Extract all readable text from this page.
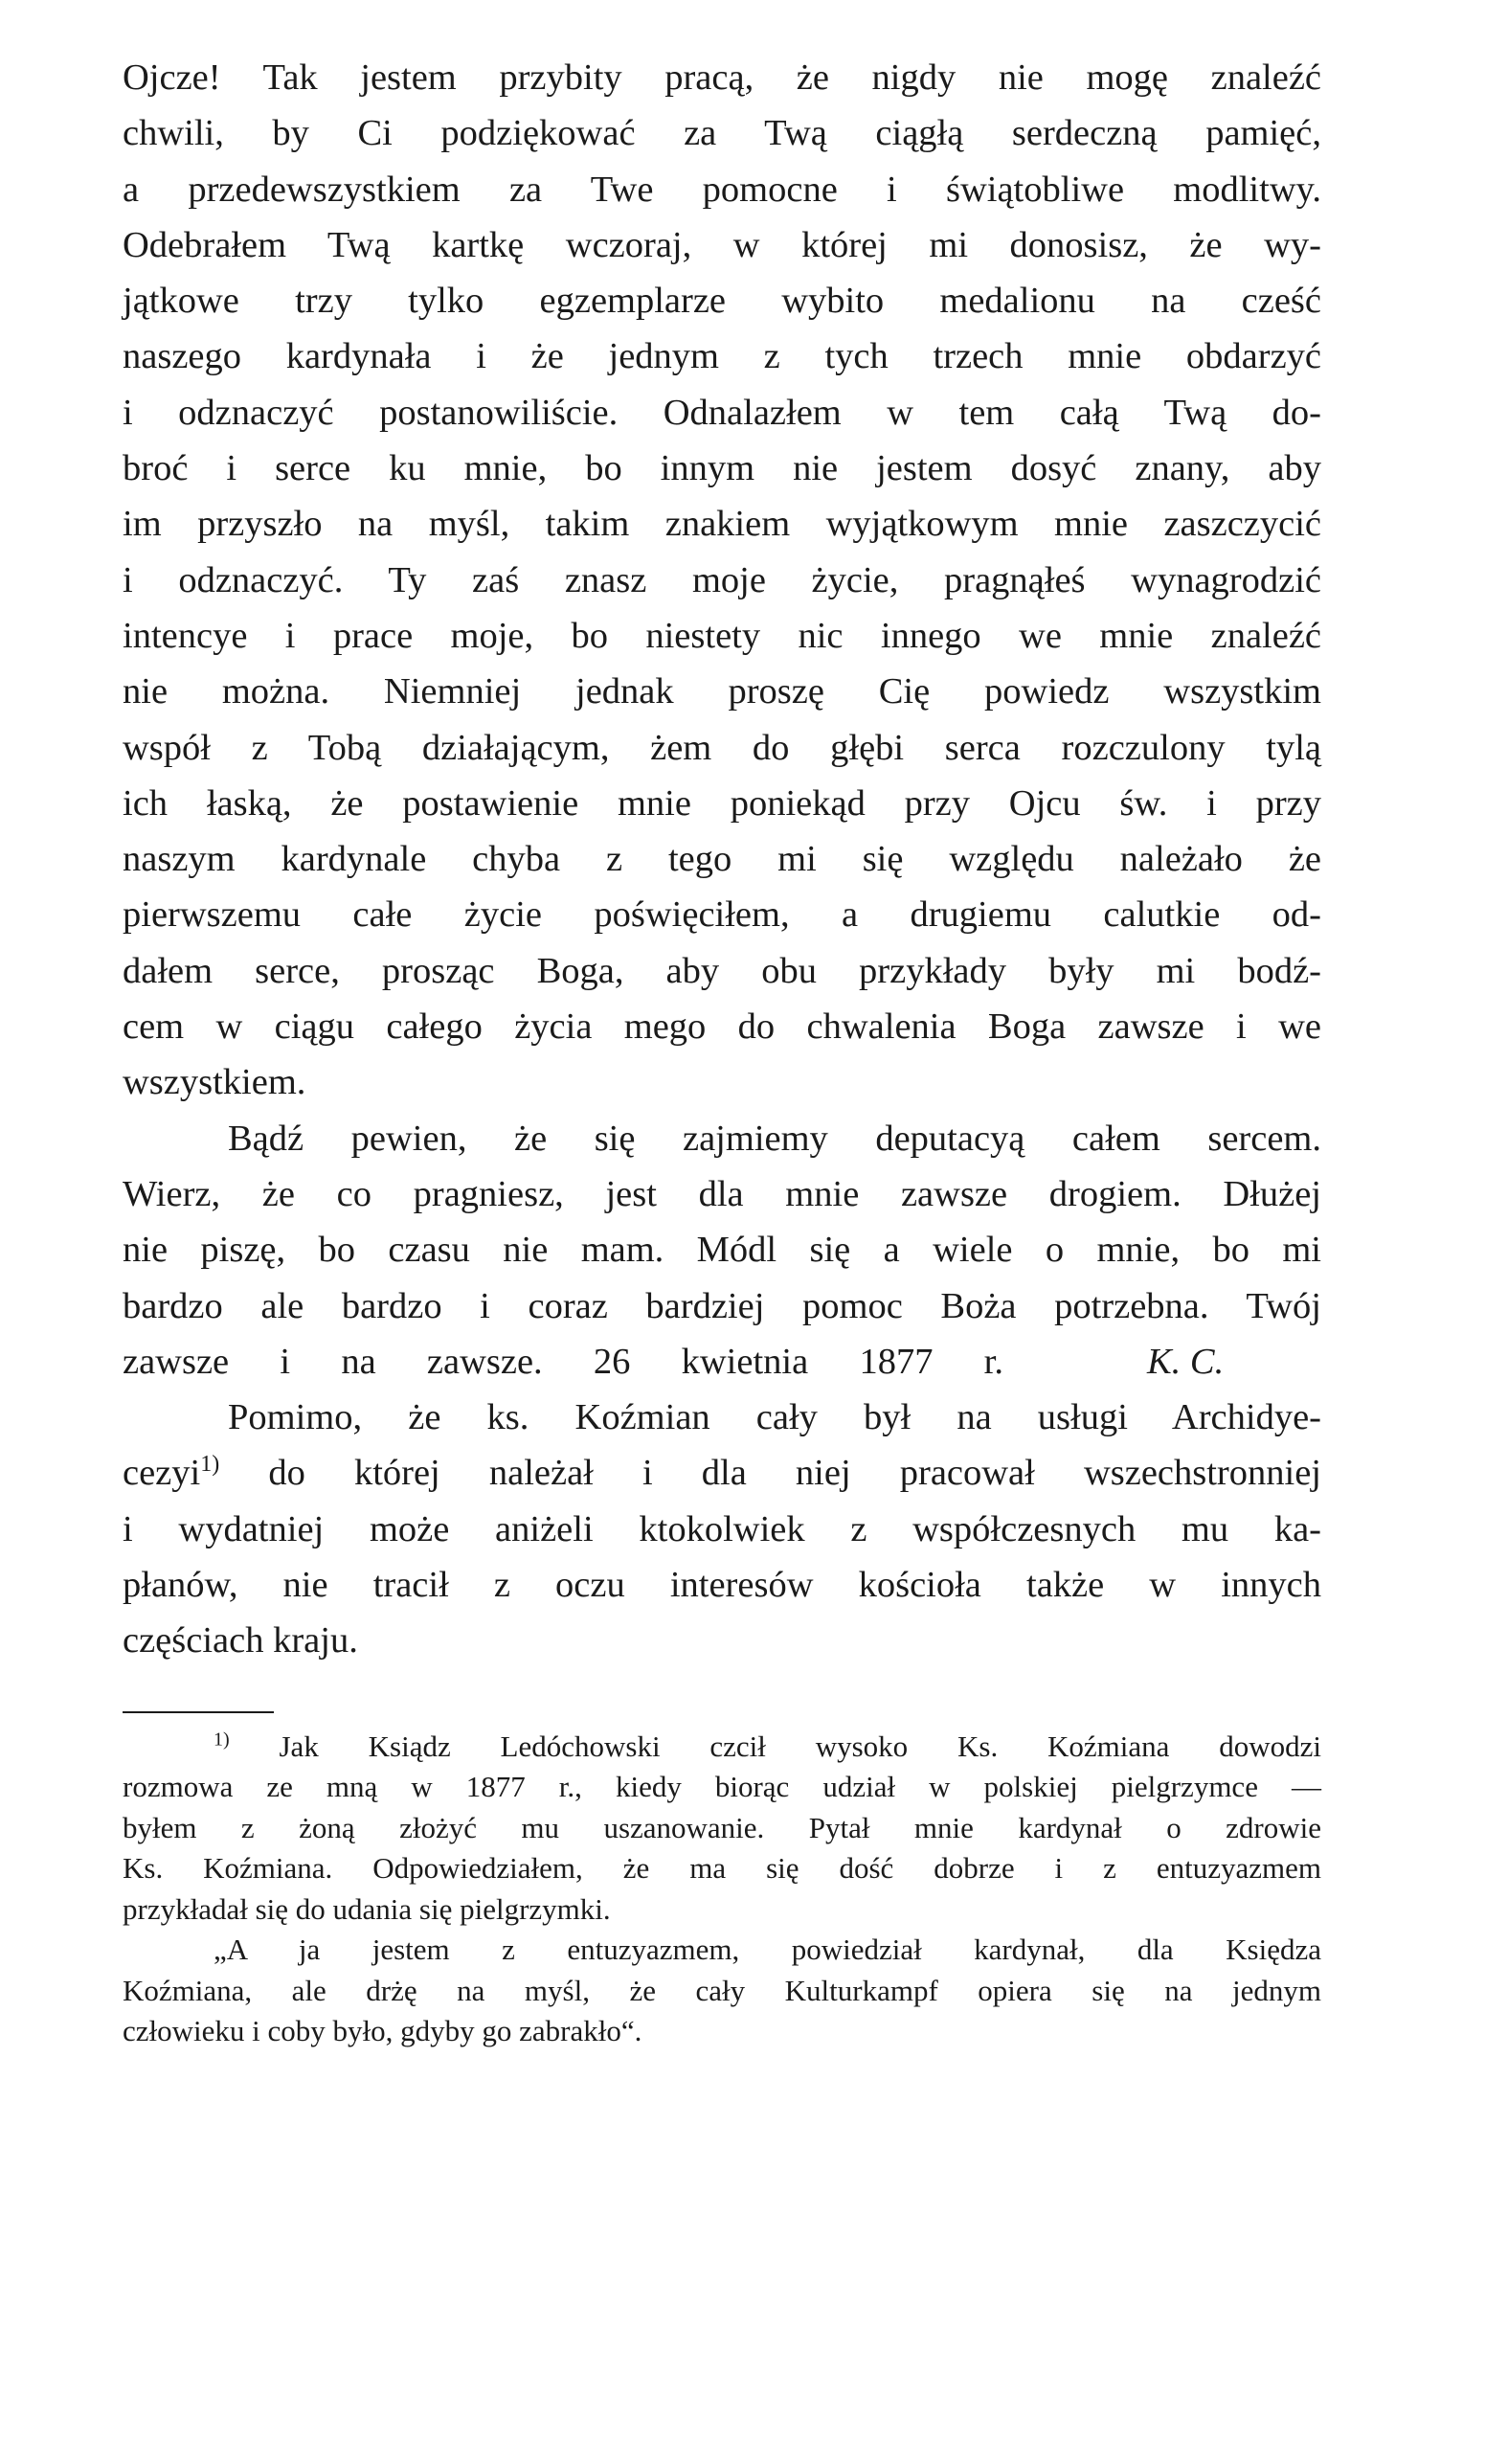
Ojcze! Tak jestem przybity pracą, że nigdy nie mogę znaleźć
chwili, by Ci podziękować za Twą ciągłą serdeczną pamięć,
a przedewszystkiem za Twe pomocne i świątobliwe modlitwy.
Odebrałem Twą kartkę wczoraj, w której mi donosisz, że wy-
jątkowe trzy tylko egzemplarze wybito medalionu na cześć
naszego kardynała i że jednym z tych trzech mnie obdarzyć
i odznaczyć postanowiliście. Odnalazłem w tem całą Twą do-
broć i serce ku mnie, bo innym nie jestem dosyć znany, aby
im przyszło na myśl, takim znakiem wyjątkowym mnie zaszczycić
i odznaczyć. Ty zaś znasz moje życie, pragnąłeś wynagrodzić
intencye i prace moje, bo niestety nic innego we mnie znaleźć
nie można. Niemniej jednak proszę Cię powiedz wszystkim
współ z Tobą działającym, żem do głębi serca rozczulony tylą
ich łaską, że postawienie mnie poniekąd przy Ojcu św. i przy
naszym kardynale chyba z tego mi się względu należało że
pierwszemu całe życie poświęciłem, a drugiemu calutkie od-
dałem serce, prosząc Boga, aby obu przykłady były mi bodź-
cem w ciągu całego życia mego do chwalenia Boga zawsze i we
wszystkiem.
Bądź pewien, że się zajmiemy deputacyą całem sercem.
Wierz, że co pragniesz, jest dla mnie zawsze drogiem. Dłużej
nie piszę, bo czasu nie mam. Módl się a wiele o mnie, bo mi
bardzo ale bardzo i coraz bardziej pomoc Boża potrzebna. Twój
zawsze i na zawsze. 26 kwietnia 1877 r.	K. C.
Pomimo, że ks. Koźmian cały był na usługi Archidye-
cezyi$^{1)}$ do której należał i dla niej pracował wszechstronniej
i wydatniej może aniżeli ktokolwiek z współczesnych mu ka-
płanów, nie tracił z oczu interesów kościoła także w innych
częściach kraju.
$^{1)}$ Jak Ksiądz Ledóchowski czcił wysoko Ks. Koźmiana dowodzi
rozmowa ze mną w 1877 r., kiedy biorąc udział w polskiej pielgrzymce —
byłem z żoną złożyć mu uszanowanie. Pytał mnie kardynał o zdrowie
Ks. Koźmiana. Odpowiedziałem, że ma się dość dobrze i z entuzyazmem
przykładał się do udania się pielgrzymki.
„A ja jestem z entuzyazmem, powiedział kardynał, dla Księdza
Koźmiana, ale drżę na myśl, że cały Kulturkampf opiera się na jednym
człowieku i coby było, gdyby go zabrakło“.
